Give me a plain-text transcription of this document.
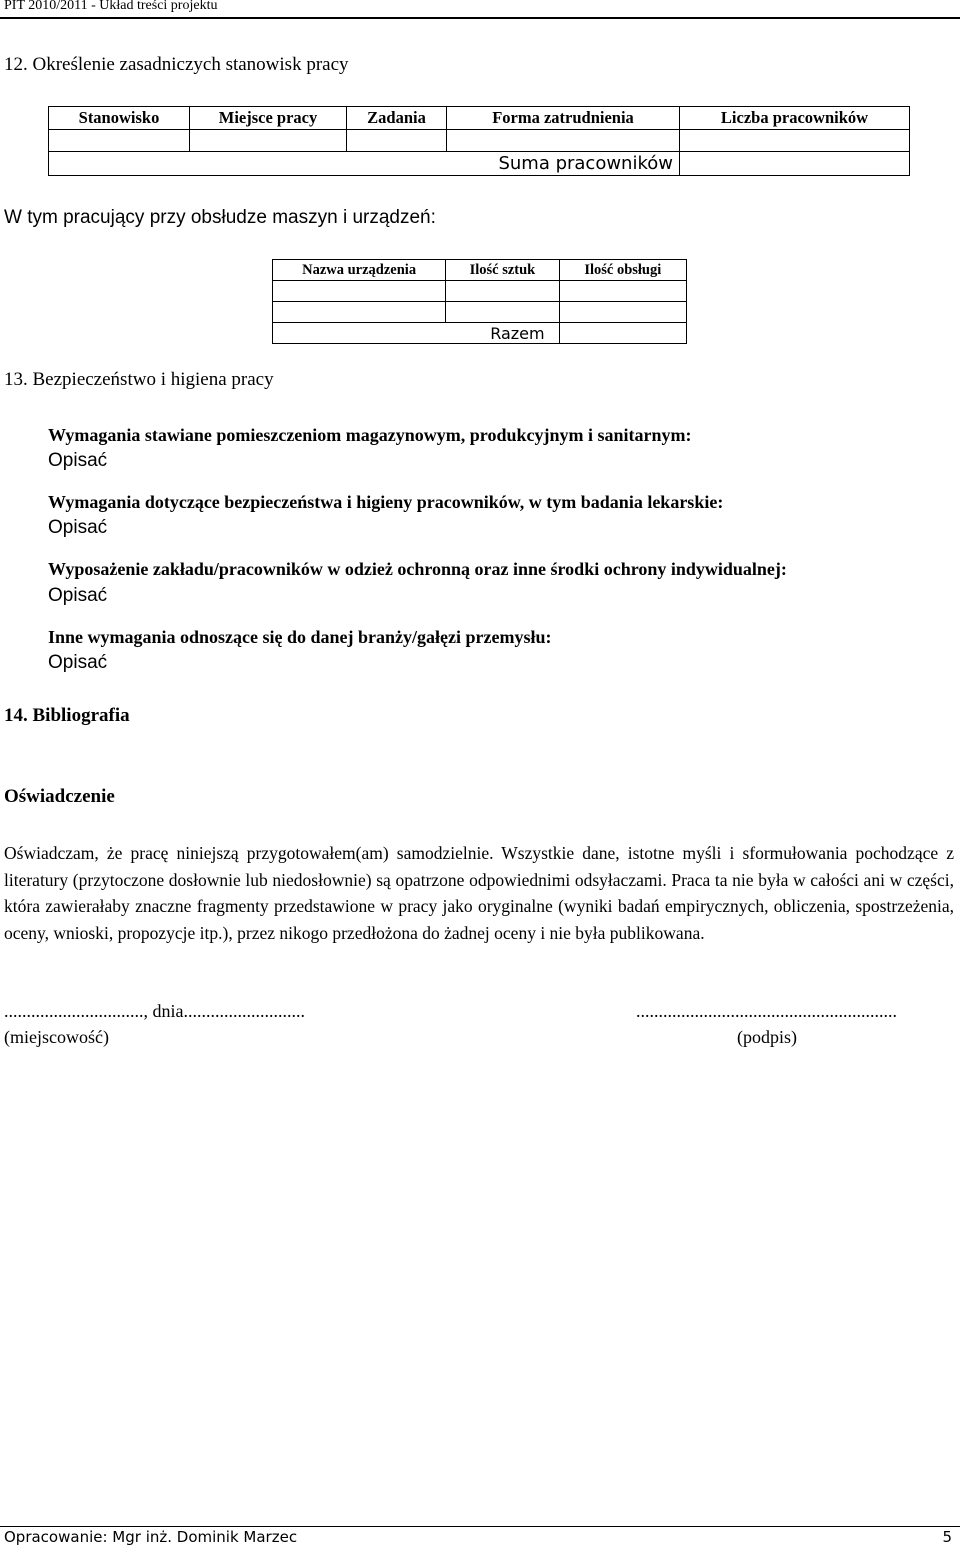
PIT 2010/2011 - Układ treści projektu
12. Określenie zasadniczych stanowisk pracy
Stanowisko	Miejsce pracy	Zadania	Forma zatrudnienia	Liczba pracowników

Suma pracowników				
W tym pracujący przy obsłudze maszyn i urządzeń:
Nazwa urządzenia	Ilość sztuk	Ilość obsługi

Razem		
13. Bezpieczeństwo i higiena pracy
Wymagania stawiane pomieszczeniom magazynowym, produkcyjnym i sanitarnym:
Opisać
Wymagania dotyczące bezpieczeństwa i higieny pracowników, w tym badania lekarskie:
Opisać
Wyposażenie zakładu/pracowników w odzież ochronną oraz inne środki ochrony indywidualnej:
Opisać
Inne wymagania odnoszące się do danej branży/gałęzi przemysłu:
Opisać
14. Bibliografia
Oświadczenie
Oświadczam, że pracę niniejszą przygotowałem(am) samodzielnie. Wszystkie dane, istotne myśli i sformułowania pochodzące z literatury (przytoczone dosłownie lub niedosłownie) są opatrzone odpowiednimi odsyłaczami. Praca ta nie była w całości ani w części, która zawierałaby znaczne fragmenty przedstawione w pracy jako oryginalne (wyniki badań empirycznych, obliczenia, spostrzeżenia, oceny, wnioski, propozycje itp.), przez nikogo przedłożona do żadnej oceny i nie była publikowana.
..............................., dnia...........................
(miejscowość)
..........................................................
(podpis)
Opracowanie: Mgr inż. Dominik Marzec	5
